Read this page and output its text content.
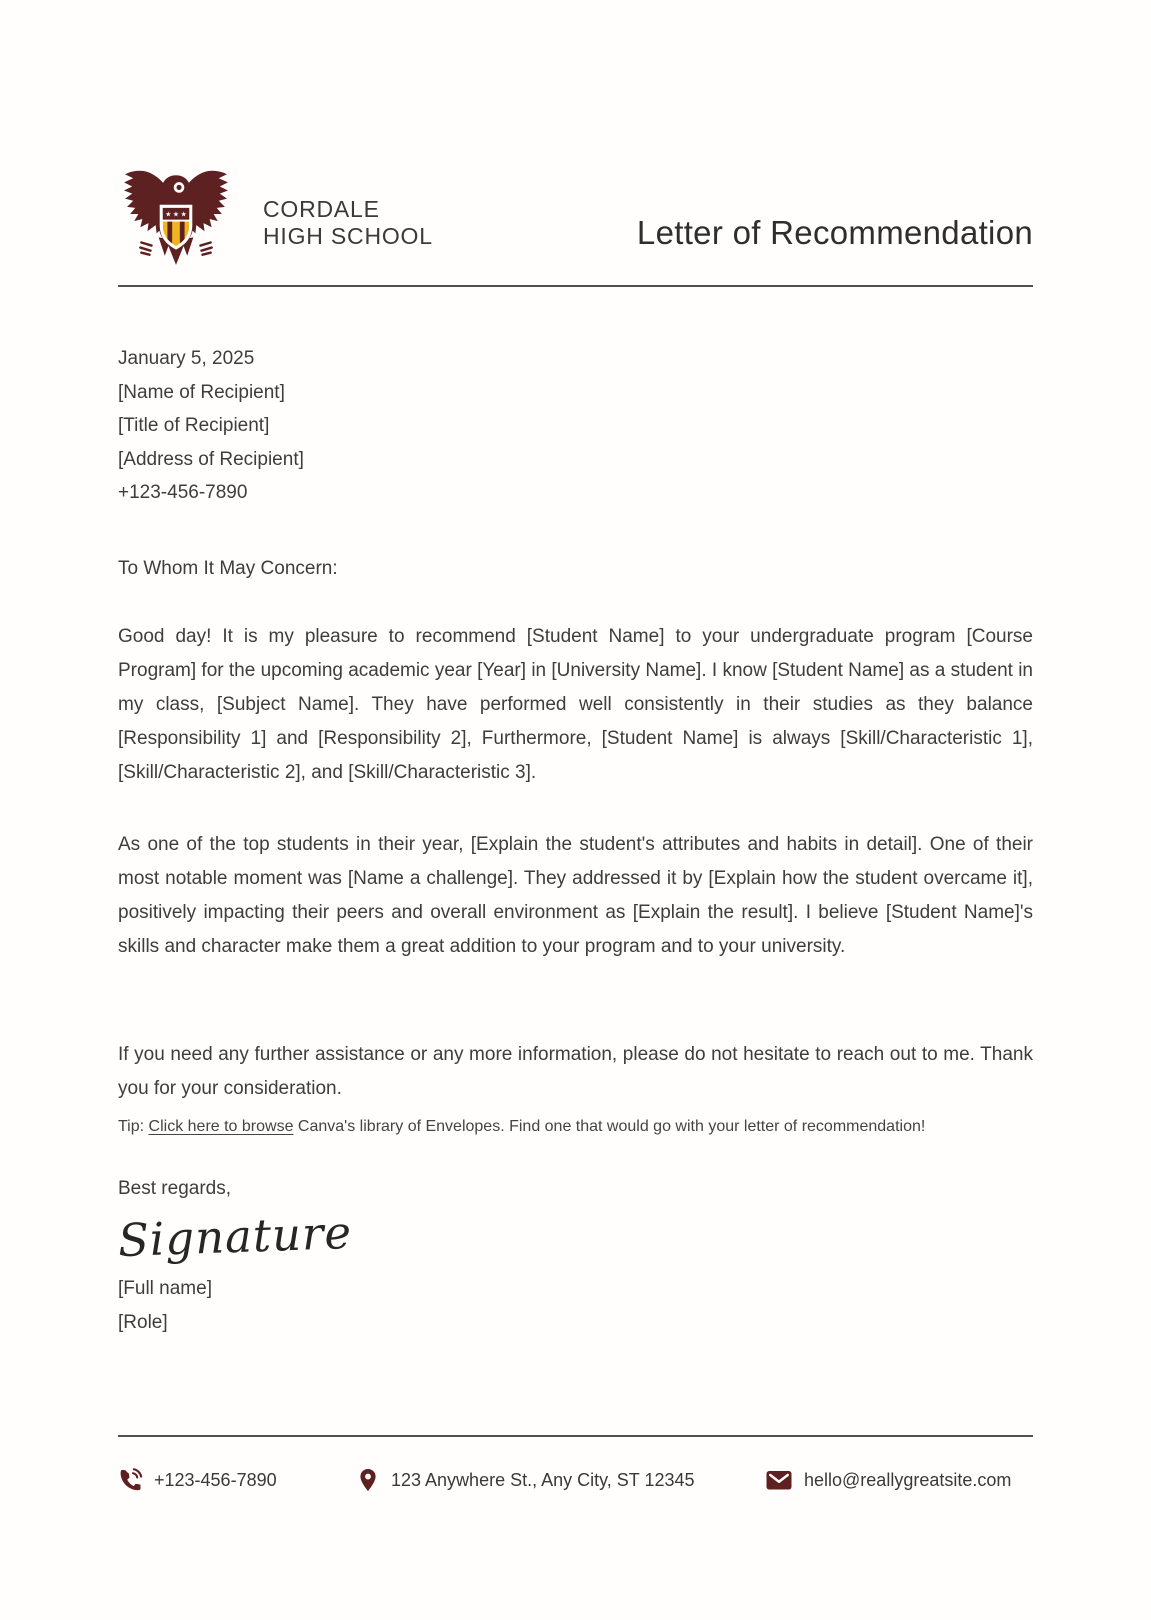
★ ★ ★	CORDALE
HIGH SCHOOL	Letter of Recommendation
January 5, 2025
[Name of Recipient]
[Title of Recipient]
[Address of Recipient]
+123-456-7890
To Whom It May Concern:

Good day! It is my pleasure to recommend [Student Name] to your undergraduate program [Course Program] for the upcoming academic year [Year] in [University Name]. I know [Student Name] as a student in my class, [Subject Name]. They have performed well consistently in their studies as they balance [Responsibility 1] and [Responsibility 2], Furthermore, [Student Name] is always [Skill/Characteristic 1], [Skill/Characteristic 2], and [Skill/Characteristic 3].

As one of the top students in their year, [Explain the student's attributes and habits in detail]. One of their most notable moment was [Name a challenge]. They addressed it by [Explain how the student overcame it], positively impacting their peers and overall environment as [Explain the result]. I believe [Student Name]'s skills and character make them a great addition to your program and to your university.

If you need any further assistance or any more information, please do not hesitate to reach out to me. Thank you for your consideration.

Tip: Click here to browse Canva's library of Envelopes. Find one that would go with your letter of recommendation!
Best regards,
Signature
[Full name]
[Role]
+123-456-7890	123 Anywhere St., Any City, ST 12345	hello@reallygreatsite.com
